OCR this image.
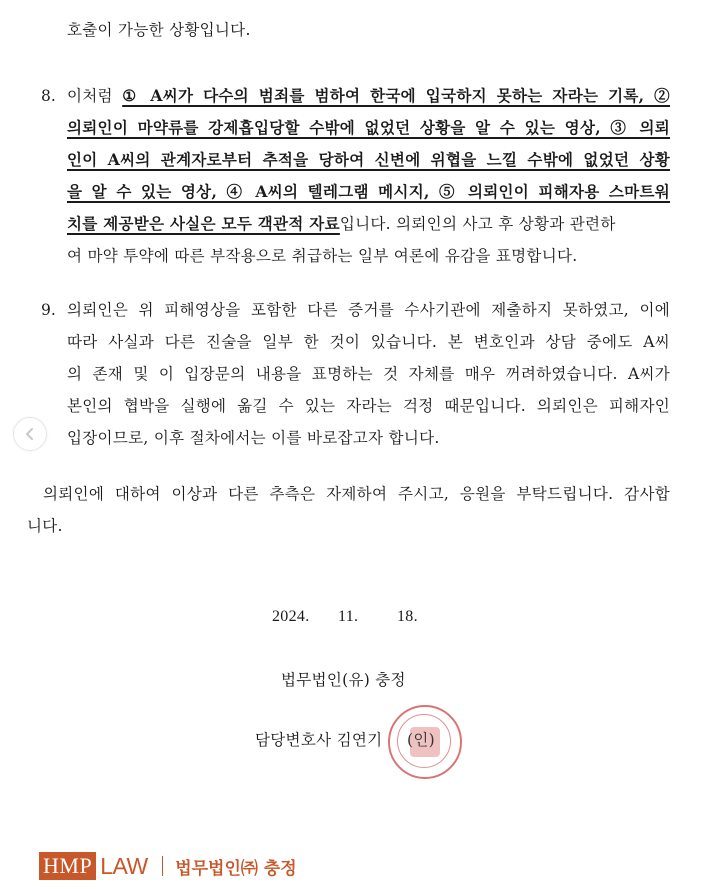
호출이 가능한 상황입니다.
8. 이처럼 ① A씨가 다수의 범죄를 범하여 한국에 입국하지 못하는 자라는 기록, ②
의뢰인이 마약류를 강제흡입당할 수밖에 없었던 상황을 알 수 있는 영상, ③ 의뢰
인이 A씨의 관계자로부터 추적을 당하여 신변에 위협을 느낄 수밖에 없었던 상황
을 알 수 있는 영상, ④ A씨의 텔레그램 메시지, ⑤ 의뢰인이 피해자용 스마트워
치를 제공받은 사실은 모두 객관적 자료입니다. 의뢰인의 사고 후 상황과 관련하
여 마약 투약에 따른 부작용으로 취급하는 일부 여론에 유감을 표명합니다.
9. 의뢰인은 위 피해영상을 포함한 다른 증거를 수사기관에 제출하지 못하였고, 이에
따라 사실과 다른 진술을 일부 한 것이 있습니다. 본 변호인과 상담 중에도 A씨
의 존재 및 이 입장문의 내용을 표명하는 것 자체를 매우 꺼려하였습니다. A씨가
본인의 협박을 실행에 옮길 수 있는 자라는 걱정 때문입니다. 의뢰인은 피해자인
입장이므로, 이후 절차에서는 이를 바로잡고자 합니다.
의뢰인에 대하여 이상과 다른 추측은 자제하여 주시고, 응원을 부탁드립니다. 감사합
니다.
2024. 11. 18.
법무법인(유) 충정
담당변호사 김연기 (인)
HMP LAW 법무법인㈜ 충정
